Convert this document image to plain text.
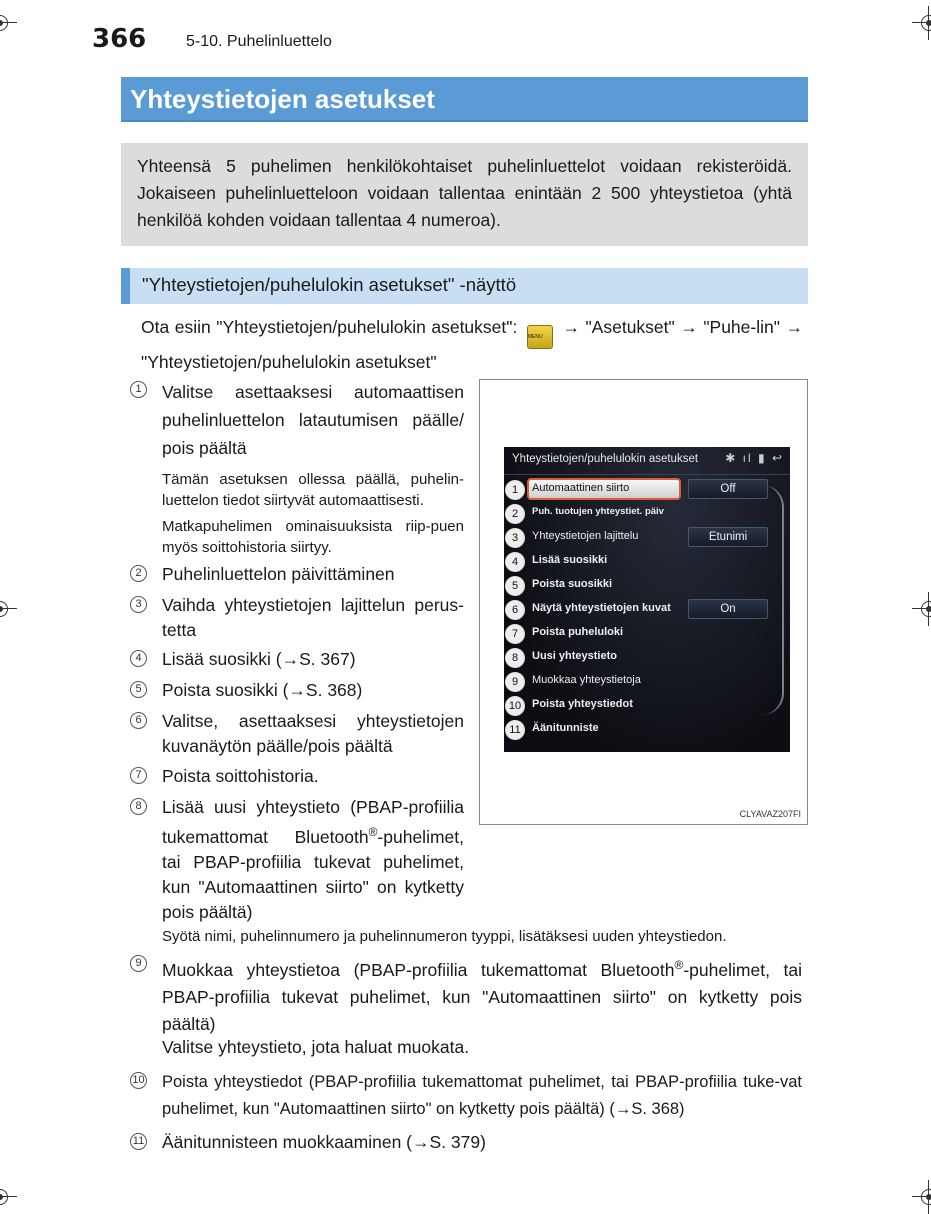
366 5-10. Puhelinluettelo
Yhteystietojen asetukset
Yhteensä 5 puhelimen henkilökohtaiset puhelinluettelot voidaan rekisteröidä. Jokaiseen puhelinluetteloon voidaan tallentaa enintään 2 500 yhteystietoa (yhtä henkilöä kohden voidaan tallentaa 4 numeroa).
"Yhteystietojen/puhelulokin asetukset" -näyttö
Ota esiin "Yhteystietojen/puhelulokin asetukset": MENU → "Asetukset" → "Puhe-lin" → "Yhteystietojen/puhelulokin asetukset"
1	Valitse asettaaksesi automaattisen puhelinluettelon latautumisen päälle/ pois päältä
Tämän asetuksen ollessa päällä, puhelin-luettelon tiedot siirtyvät automaattisesti.
Matkapuhelimen ominaisuuksista riip-puen myös soittohistoria siirtyy.
2	Puhelinluettelon päivittäminen
3	Vaihda yhteystietojen lajittelun perus-tetta
4	Lisää suosikki (→S. 367)
5	Poista suosikki (→S. 368)
6	Valitse, asettaaksesi yhteystietojen kuvanäytön päälle/pois päältä
7	Poista soittohistoria.
8	Lisää uusi yhteystieto (PBAP-profiilia tukemattomat Bluetooth®-puhelimet, tai PBAP-profiilia tukevat puhelimet, kun "Automaattinen siirto" on kytketty pois päältä)
Syötä nimi, puhelinnumero ja puhelinnumeron tyyppi, lisätäksesi uuden yhteystiedon.
9	Muokkaa yhteystietoa (PBAP-profiilia tukemattomat Bluetooth®-puhelimet, tai PBAP-profiilia tukevat puhelimet, kun "Automaattinen siirto" on kytketty pois päältä)
Valitse yhteystieto, jota haluat muokata.
10 Poista yhteystiedot (PBAP-profiilia tukemattomat puhelimet, tai PBAP-profiilia tuke-vat puhelimet, kun "Automaattinen siirto" on kytketty pois päältä) (→S. 368)
11 Äänitunnisteen muokkaaminen (→S. 379)
Yhteystietojen/puhelulokin asetukset ✱ ıl ▮ ↩
1	Automaattinen siirto	Off
2	Puh. tuotujen yhteystiet. päiv
3	Yhteystietojen lajittelu	Etunimi
4	Lisää suosikki
5	Poista suosikki
6	Näytä yhteystietojen kuvat	On
7	Poista puheluloki
8	Uusi yhteystieto
9	Muokkaa yhteystietoja
10 Poista yhteystiedot
11	Äänitunniste
CLYAVAZ207FI
